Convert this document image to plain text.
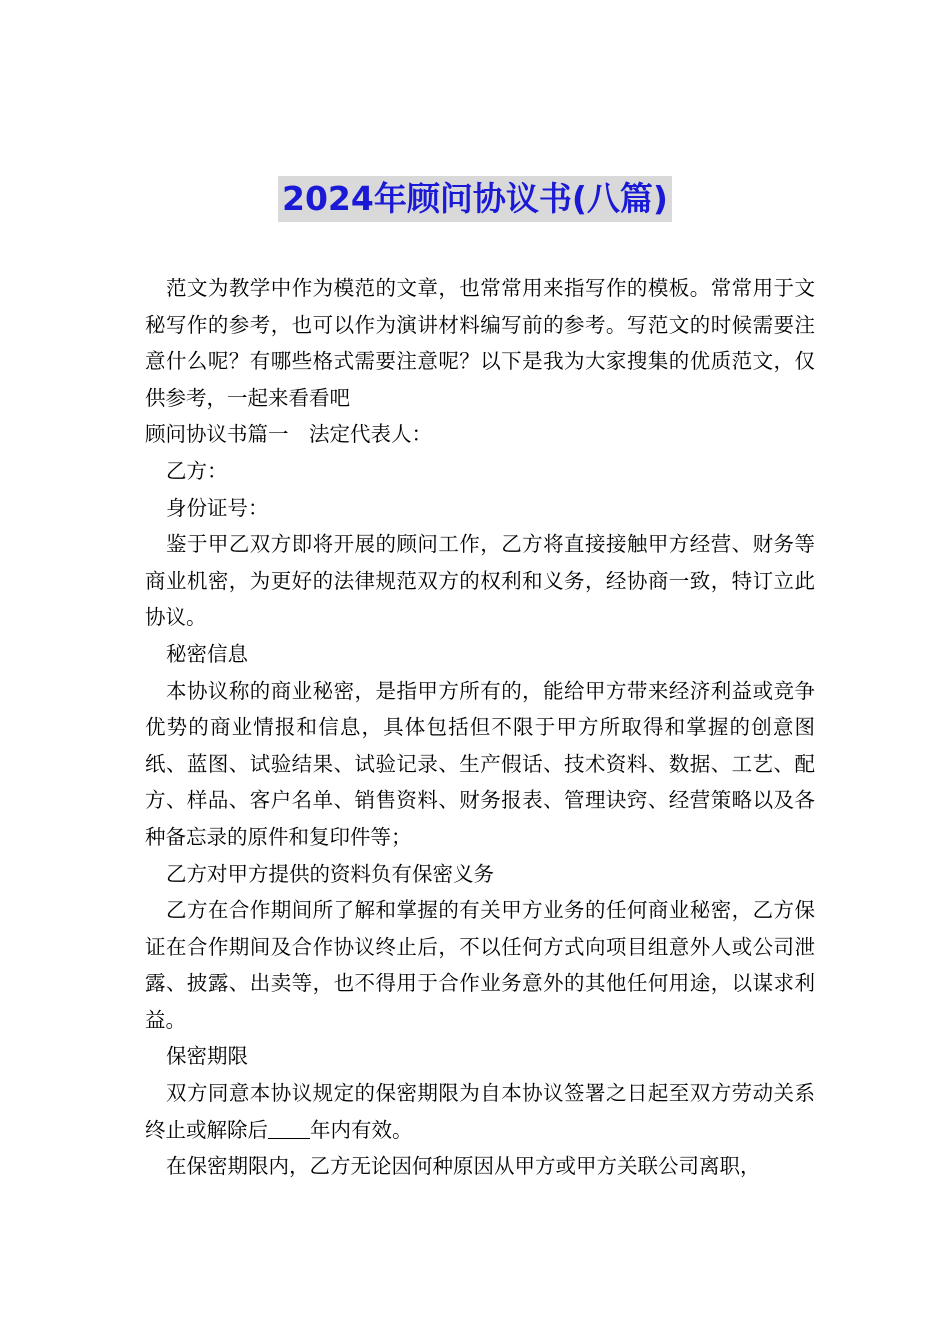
2024年顾问协议书(八篇)

范文为教学中作为模范的文章，也常常用来指写作的模板。常常用于文秘写作的参考，也可以作为演讲材料编写前的参考。写范文的时候需要注意什么呢？有哪些格式需要注意呢？以下是我为大家搜集的优质范文，仅供参考，一起来看看吧

顾问协议书篇一　法定代表人：

乙方：

身份证号：

鉴于甲乙双方即将开展的顾问工作，乙方将直接接触甲方经营、财务等商业机密，为更好的法律规范双方的权利和义务，经协商一致，特订立此协议。

秘密信息

本协议称的商业秘密，是指甲方所有的，能给甲方带来经济利益或竞争优势的商业情报和信息，具体包括但不限于甲方所取得和掌握的创意图纸、蓝图、试验结果、试验记录、生产假话、技术资料、数据、工艺、配方、样品、客户名单、销售资料、财务报表、管理诀窍、经营策略以及各种备忘录的原件和复印件等；

乙方对甲方提供的资料负有保密义务

乙方在合作期间所了解和掌握的有关甲方业务的任何商业秘密，乙方保证在合作期间及合作协议终止后，不以任何方式向项目组意外人或公司泄露、披露、出卖等，也不得用于合作业务意外的其他任何用途，以谋求利益。

保密期限

双方同意本协议规定的保密期限为自本协议签署之日起至双方劳动关系终止或解除后 年内有效。

在保密期限内，乙方无论因何种原因从甲方或甲方关联公司离职，
